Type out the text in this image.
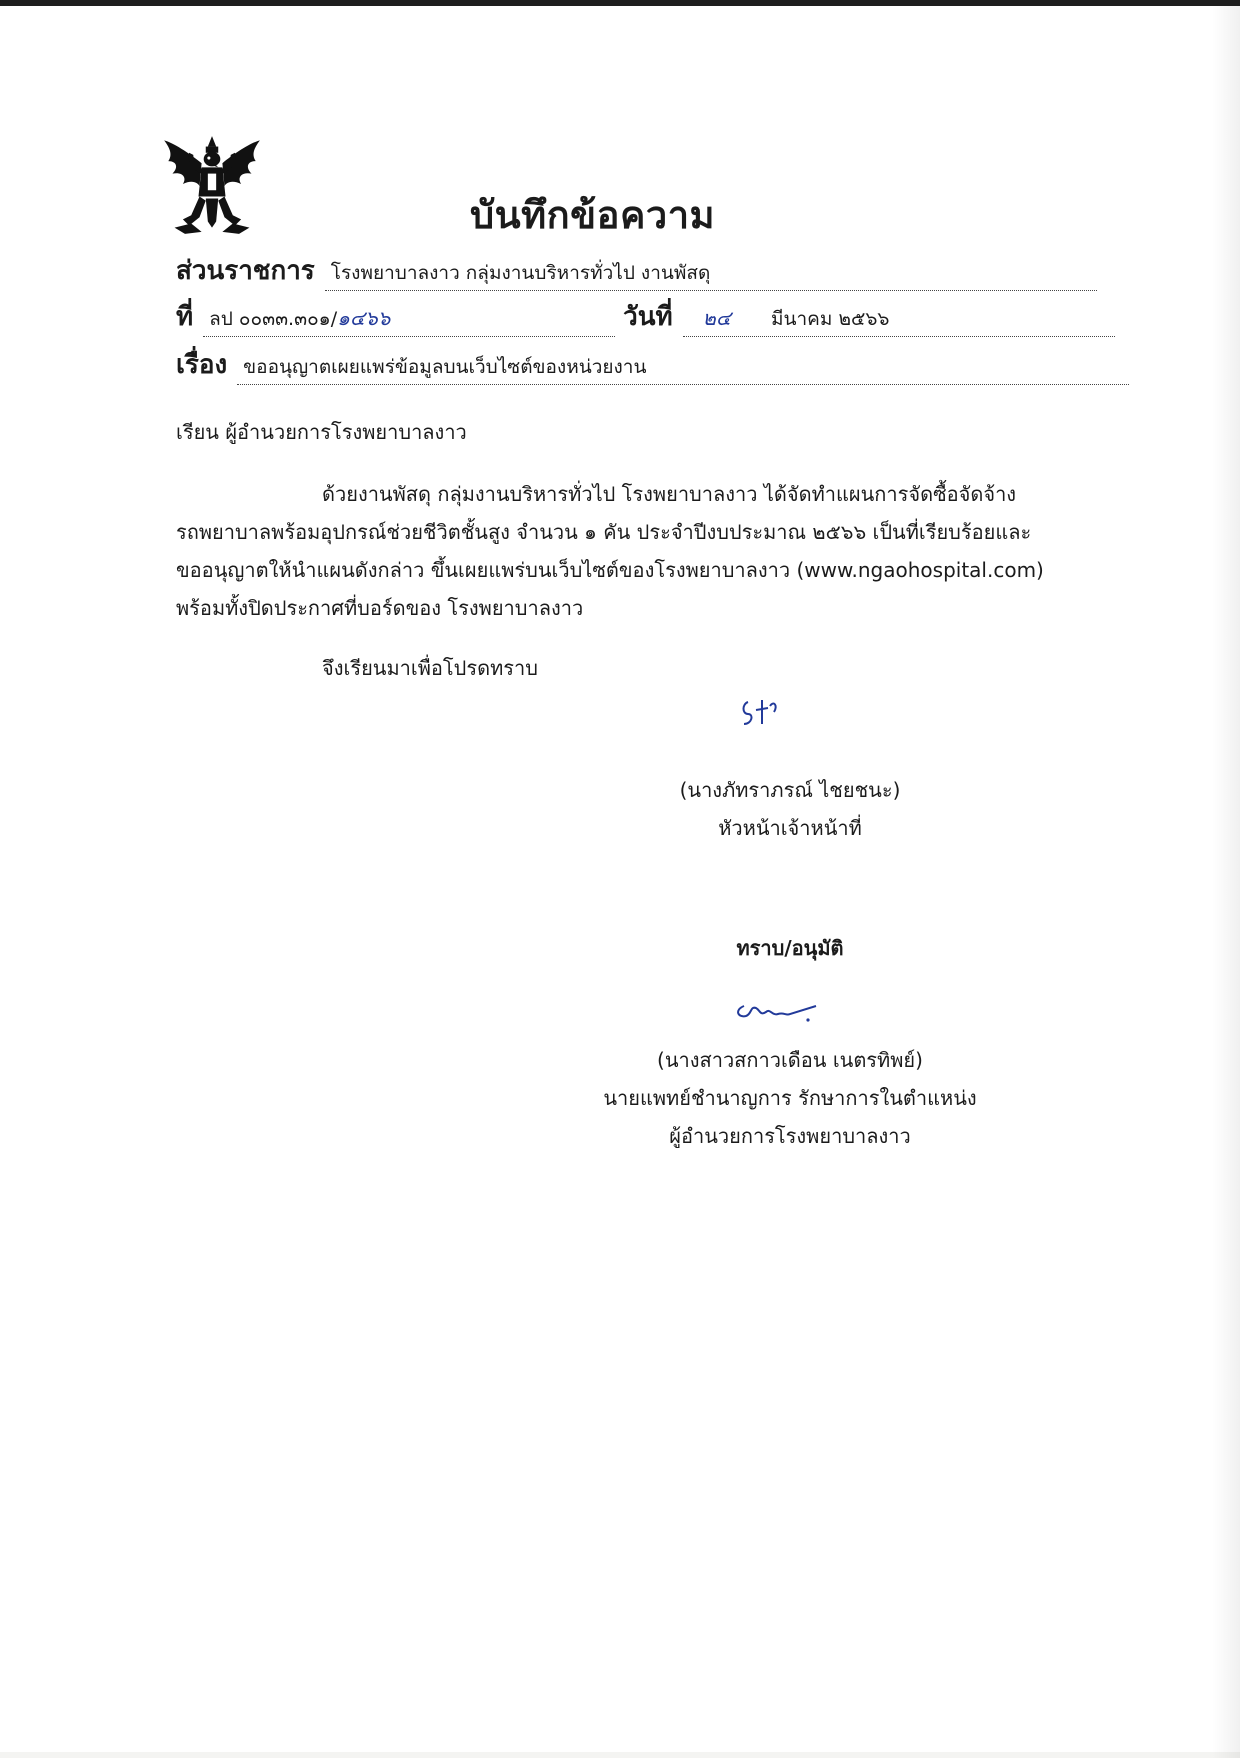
บันทึกข้อความ
ส่วนราชการ โรงพยาบาลงาว กลุ่มงานบริหารทั่วไป งานพัสดุ
ที่ ลป ๐๐๓๓.๓๐๑/๑๔๖๖	วันที่	๒๔ มีนาคม ๒๕๖๖
เรื่อง ขออนุญาตเผยแพร่ข้อมูลบนเว็บไซต์ของหน่วยงาน
เรียน ผู้อำนวยการโรงพยาบาลงาว
ด้วยงานพัสดุ กลุ่มงานบริหารทั่วไป โรงพยาบาลงาว ได้จัดทำแผนการจัดซื้อจัดจ้าง
รถพยาบาลพร้อมอุปกรณ์ช่วยชีวิตชั้นสูง จำนวน ๑ คัน ประจำปีงบประมาณ ๒๕๖๖ เป็นที่เรียบร้อยและ
ขออนุญาตให้นำแผนดังกล่าว ขึ้นเผยแพร่บนเว็บไซต์ของโรงพยาบาลงาว (www.ngaohospital.com)
พร้อมทั้งปิดประกาศที่บอร์ดของ โรงพยาบาลงาว
จึงเรียนมาเพื่อโปรดทราบ
(นางภัทราภรณ์ ไชยชนะ)
หัวหน้าเจ้าหน้าที่
ทราบ/อนุมัติ
(นางสาวสกาวเดือน เนตรทิพย์)
นายแพทย์ชำนาญการ รักษาการในตำแหน่ง
ผู้อำนวยการโรงพยาบาลงาว
